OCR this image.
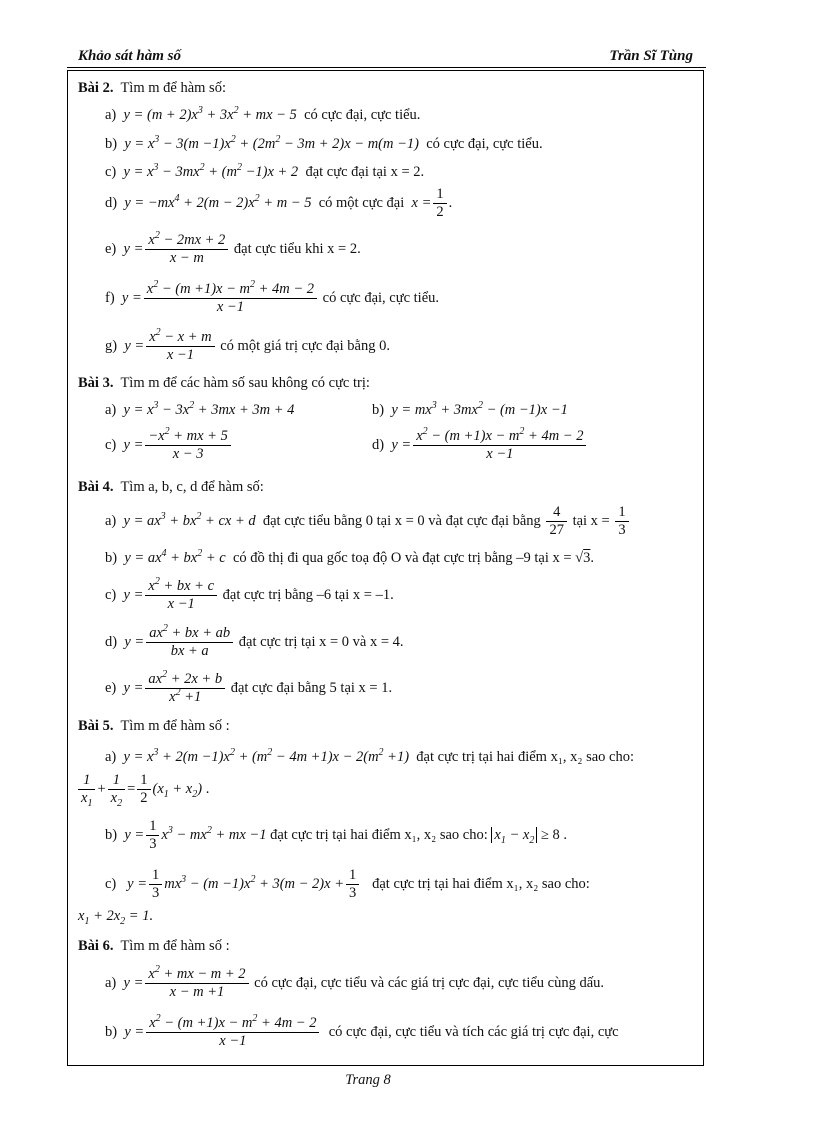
Khảo sát hàm số	Trần Sĩ Tùng
Bài 2. Tìm m để hàm số:
a) $y = (m + 2)x^3 + 3x^2$ + mx − 5 có cực đại, cực tiểu.
b) $y = x^3 - 3(m -1)x^2 + (2m^2 - 3m + 2)x - m(m -1)$ có cực đại, cực tiểu.
c) $y = x^3 - 3mx^2 + (m^2 -1)x + 2$ đạt cực đại tại x = 2.
d) $y = -mx^4 + 2(m - 2)x^2 + m - 5$ có một cực đại $x = \frac{1}{2}$ .
e) $y = \frac{x^2 - 2mx + 2}{x - m}$ đạt cực tiểu khi x = 2.
f) $y = \frac{x^2 - (m +1)x - m^2 + 4m - 2}{x -1}$ có cực đại, cực tiểu.
g) $y = \frac{x^2 - x + m}{x -1}$ có một giá trị cực đại bằng 0.
Bài 3. Tìm m để các hàm số sau không có cực trị:
a) $y = x^3 - 3x^2 + 3mx + 3m + 4$	b) $y = mx^3 + 3mx^2 - (m -1)x -1$
c) $y = \frac{-x^2 + mx + 5}{x - 3}$	d) $y = \frac{x^2 - (m +1)x - m^2 + 4m - 2}{x -1}$
Bài 4. Tìm a, b, c, d để hàm số:
a) $y = ax^3 + bx^2$ + cx + d đạt cực tiểu bằng 0 tại x = 0 và đạt cực đại bằng $\frac{4}{27}$ tại $x = \frac{1}{3}$
b) $y = ax^4 + bx^2 + c$ có đồ thị đi qua gốc toạ độ O và đạt cực trị bằng –9 tại x = √3.
c) $y = \frac{x^2 + bx + c}{x -1}$ đạt cực trị bằng –6 tại x = –1.
d) $y = \frac{ax^2 + bx + ab}{bx + a}$ đạt cực trị tại x = 0 và x = 4.
e) $y = \frac{ax^2 + 2x + b}{x^2 +1}$ đạt cực đại bằng 5 tại x = 1.
Bài 5. Tìm m để hàm số :
a) $y = x^3 + 2(m -1)x^2 + (m^2 - 4m +1)x - 2(m^2 +1)$ đạt cực trị tại hai điểm x₁, x₂ sao cho:
$\frac{1}{x_1} + \frac{1}{x_2} = \frac{1}{2} (x_1 + x_2)$ .
b) $y = \frac{1}{3} x^3 - mx^2$ + mx −1 đạt cực trị tại hai điểm x₁, x₂ sao cho: $x_1 - x_2 \ge 8$ .
c) $y = \frac{1}{3} mx^3 - (m -1)x^2 + 3(m - 2)x + \frac{1}{3}$ đạt cực trị tại hai điểm x₁, x₂ sao cho:
$x_1 + 2x_2 = 1$.
Bài 6. Tìm m để hàm số :
a) $y = \frac{x^2 + mx - m + 2}{x - m +1}$ có cực đại, cực tiểu và các giá trị cực đại, cực tiểu cùng dấu.
b) $y = \frac{x^2 - (m +1)x - m^2 + 4m - 2}{x -1}$ có cực đại, cực tiểu và tích các giá trị cực đại, cực
Trang 8
